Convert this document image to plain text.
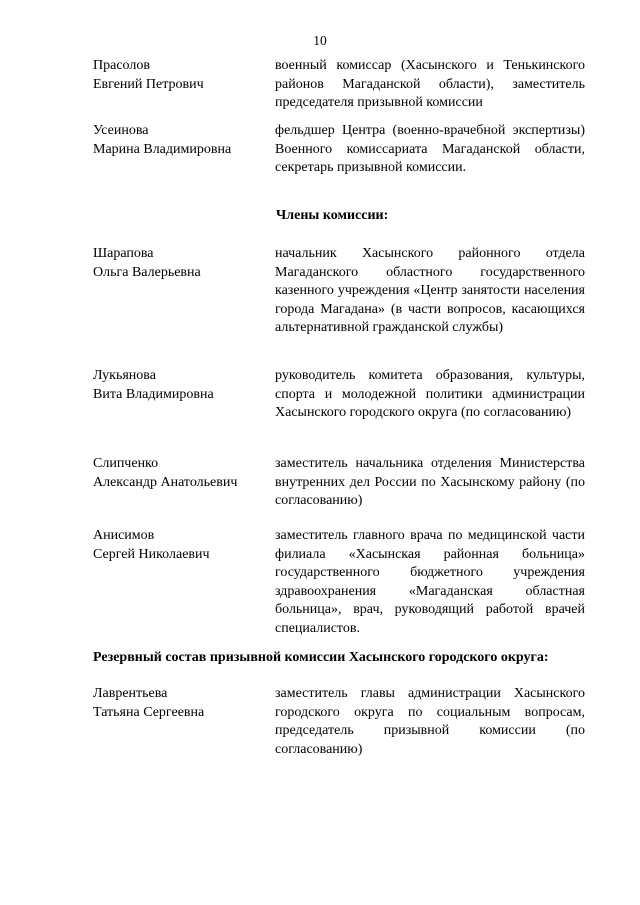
10
Прасолов
Евгений Петрович
военный комиссар (Хасынского и Тенькинского районов Магаданской области), заместитель председателя призывной комиссии
Усеинова
Марина Владимировна
фельдшер Центра (военно-врачебной экспертизы) Военного комиссариата Магаданской области, секретарь призывной комиссии.
Члены комиссии:
Шарапова
Ольга Валерьевна
начальник Хасынского районного отдела Магаданского областного государственного казенного учреждения «Центр занятости населения города Магадана» (в части вопросов, касающихся альтернативной гражданской службы)
Лукьянова
Вита Владимировна
руководитель комитета образования, культуры, спорта и молодежной политики администрации Хасынского городского округа (по согласованию)
Слипченко
Александр Анатольевич
заместитель начальника отделения Министерства внутренних дел России по Хасынскому району (по согласованию)
Анисимов
Сергей Николаевич
заместитель главного врача по медицинской части филиала «Хасынская районная больница» государственного бюджетного учреждения здравоохранения «Магаданская областная больница», врач, руководящий работой врачей специалистов.
Резервный состав призывной комиссии Хасынского городского округа:
Лаврентьева
Татьяна Сергеевна
заместитель главы администрации Хасынского городского округа по социальным вопросам, председатель призывной комиссии (по согласованию)
